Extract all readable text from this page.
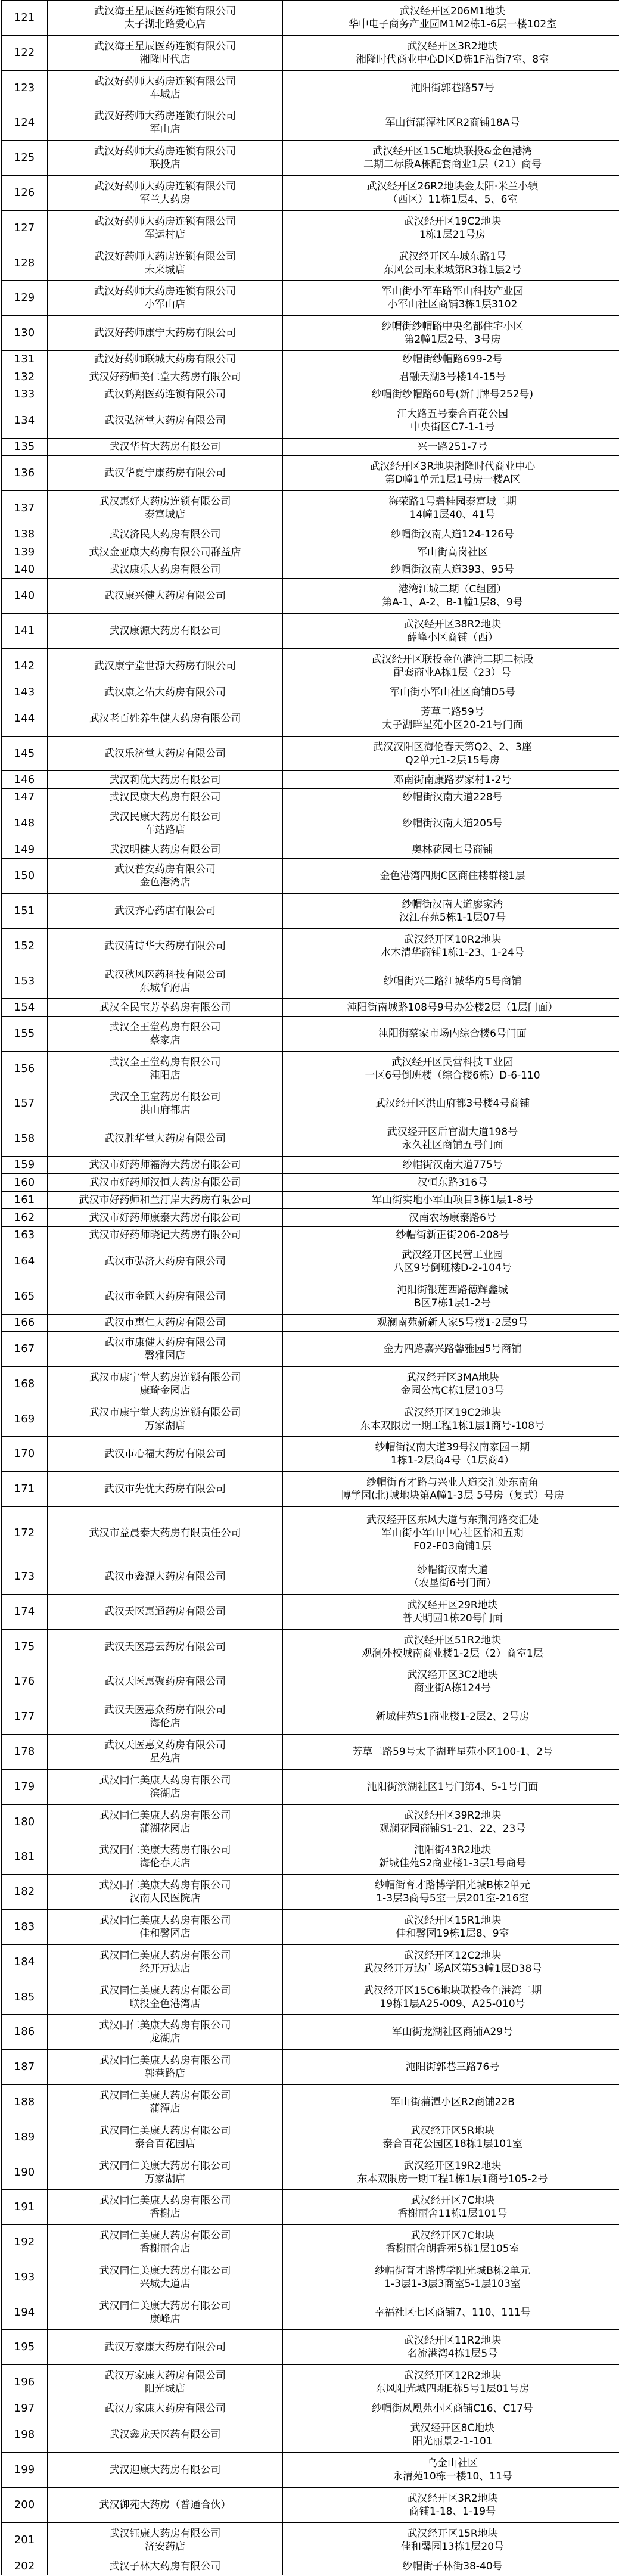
121	武汉海王星辰医药连锁有限公司
太子湖北路爱心店	武汉经开区206M1地块
华中电子商务产业园M1M2栋1-6层一楼102室

122	武汉海王星辰医药连锁有限公司
湘隆时代店	武汉经开区3R2地块
湘隆时代商业中心D区D栋1F沿街7室、8室

123	武汉好药师大药房连锁有限公司
车城店	沌阳街郭巷路57号

124	武汉好药师大药房连锁有限公司
军山店	军山街蒲潭社区R2商铺18A号

125	武汉好药师大药房连锁有限公司
联投店	武汉经开区15C地块联投&金色港湾
二期二标段A栋配套商业1层（21）商号

126	武汉好药师大药房连锁有限公司
军兰大药房	武汉经开区26R2地块金太阳·米兰小镇
（西区）11栋1层4、5、6室

127	武汉好药师大药房连锁有限公司
军运村店	武汉经开区19C2地块
1栋1层21号房

128	武汉好药师大药房连锁有限公司
未来城店	武汉经开区车城东路1号
东风公司未来城第R3栋1层2号

129	武汉好药师大药房连锁有限公司
小军山店	军山街小军车路军山科技产业园
小军山社区商铺3栋1层3102

130	武汉好药师康宁大药房有限公司	纱帽街纱帽路中央名都住宅小区
第2幢1层2号、3号房

131	武汉好药师联城大药房有限公司	纱帽街纱帽路699-2号

132	武汉好药师美仁堂大药房有限公司	君融天湖3号楼14-15号

133	武汉鹤翔医药连锁有限公司	纱帽街纱帽路60号(新门牌号252号)

134	武汉弘济堂大药房有限公司	江大路五号泰合百花公园
中央街区C7-1-1号

135	武汉华哲大药房有限公司	兴一路251-7号

136	武汉华夏宁康药房有限公司	武汉经开区3R地块湘隆时代商业中心
第D幢1单元1层1号房一楼A区

137	武汉惠好大药房连锁有限公司
泰富城店	海荣路1号碧桂园泰富城二期
14幢1层40、41号

138	武汉济民大药房有限公司	纱帽街汉南大道124-126号

139	武汉金亚康大药房有限公司群益店	军山街高岗社区

140	武汉康乐大药房有限公司	纱帽街汉南大道393、95号

140	武汉康兴健大药房有限公司	港湾江城二期（C组团）
第A-1、A-2、B-1幢1层8、9号

141	武汉康源大药房有限公司	武汉经开区38R2地块
薛峰小区商铺（西）

142	武汉康宁堂世源大药房有限公司	武汉经开区联投金色港湾二期二标段
配套商业A栋1层（23）号

143	武汉康之佑大药房有限公司	军山街小军山社区商铺D5号

144	武汉老百姓养生健大药房有限公司	芳草二路59号
太子湖畔星苑小区20-21号门面

145	武汉乐济堂大药房有限公司	武汉汉阳区海伦春天第Q2、2、3座
Q2单元1-2层15号房

146	武汉莉优大药房有限公司	邓南街南康路罗家村1-2号

147	武汉民康大药房有限公司	纱帽街汉南大道228号

148	武汉民康大药房有限公司
车站路店	纱帽街汉南大道205号

149	武汉明健大药房有限公司	奥林花园七号商铺

150	武汉普安药房有限公司
金色港湾店	金色港湾四期C区商住楼群楼1层

151	武汉齐心药店有限公司	纱帽街汉南大道廖家湾
汉江春苑5栋1-1层07号

152	武汉清诗华大药房有限公司	武汉经开区10R2地块
水木清华商铺1栋1-23、1-24号

153	武汉秋风医药科技有限公司
东城华府店	纱帽街兴二路江城华府5号商铺

154	武汉全民宝芳萃药房有限公司	沌阳街南城路108号9号办公楼2层（1层门面）

155	武汉全王堂药房有限公司
蔡家店	沌阳街蔡家市场内综合楼6号门面

156	武汉全王堂药房有限公司
沌阳店	武汉经开区民营科技工业园
一区6号倒班楼（综合楼6栋）D-6-110

157	武汉全王堂药房有限公司
洪山府都店	武汉经开区洪山府都3号楼4号商铺

158	武汉胜华堂大药房有限公司	武汉经开区后官湖大道198号
永久社区商铺五号门面

159	武汉市好药师福海大药房有限公司	纱帽街汉南大道775号

160	武汉市好药师汉恒大药房有限公司	汉恒东路316号

161	武汉市好药师和兰汀岸大药房有限公司	军山街实地小军山项目3栋1层1-8号

162	武汉市好药师康泰大药房有限公司	汉南农场康泰路6号

163	武汉市好药师晓记大药房有限公司	纱帽街新正街206-208号

164	武汉市弘济大药房有限公司	武汉经开区民营工业园
八区9号倒班楼D-2-104号

165	武汉市金匯大药房有限公司	沌阳街银莲西路德辉鑫城
B区7栋1层1-2号

166	武汉市惠仁大药房有限公司	观澜南苑新新人家5号楼1-2层9号

167	武汉市康健大药房有限公司
馨雅园店	金力四路嘉兴路馨雅园5号商铺

168	武汉市康宁堂大药房连锁有限公司
康琦金园店	武汉经开区3MA地块
金园公寓C栋1层103号

169	武汉市康宁堂大药房连锁有限公司
万家湖店	武汉经开区19C2地块
东本双限房一期工程1栋1层1商号-108号

170	武汉市心福大药房有限公司	纱帽街汉南大道39号汉南家园三期
1栋1-2层商4号（1层商4）

171	武汉市先优大药房有限公司	纱帽街育才路与兴业大道交汇处东南角
博学园(北)城地块第A幢1-3层 5号房（复式）号房

172	武汉市益晨泰大药房有限责任公司	武汉经开区东风大道与东荆河路交汇处
军山街小军山中心社区怡和五期
F02-F03商铺1层

173	武汉市鑫源大药房有限公司	纱帽街汉南大道
（农垦街6号门面）

174	武汉天医惠通药房有限公司	武汉经开区29R地块
普天明园1栋20号门面

175	武汉天医惠云药房有限公司	武汉经开区51R2地块
观澜外校城南商业楼1-2层（2）商室1层

176	武汉天医惠聚药房有限公司	武汉经开区3C2地块
商业街A栋124号

177	武汉天医惠众药房有限公司
海伦店	新城佳苑S1商业楼1-2层2、2号房

178	武汉天医惠义药房有限公司
星苑店	芳草二路59号太子湖畔星苑小区100-1、2号

179	武汉同仁美康大药房有限公司
滨湖店	沌阳街滨湖社区1号门第4、5-1号门面

180	武汉同仁美康大药房有限公司
蒲湖花园店	武汉经开区39R2地块
观澜花园商铺S1-21、22、23号

181	武汉同仁美康大药房有限公司
海伦春天店	沌阳街43R2地块
新城佳苑S2商业楼1-3层1号商号

182	武汉同仁美康大药房有限公司
汉南人民医院店	纱帽街育才路博学阳光城B栋2单元
1-3层3商号5室一层201室-216室

183	武汉同仁美康大药房有限公司
佳和馨园店	武汉经开区15R1地块
佳和馨园19栋1层8、9室

184	武汉同仁美康大药房有限公司
经开万达店	武汉经开区12C2地块
武汉经开万达广场A区第53幢1层D38号

185	武汉同仁美康大药房有限公司
联投金色港湾店	武汉经开区15C6地块联投金色港湾二期
19栋1层A25-009、A25-010号

186	武汉同仁美康大药房有限公司
龙湖店	军山街龙湖社区商铺A29号

187	武汉同仁美康大药房有限公司
郭巷路店	沌阳街郭巷三路76号

188	武汉同仁美康大药房有限公司
蒲潭店	军山街蒲潭小区R2商铺22B

189	武汉同仁美康大药房有限公司
泰合百花园店	武汉经开区5R地块
泰合百花公园区18栋1层101室

190	武汉同仁美康大药房有限公司
万家湖店	武汉经开区19R2地块
东本双限房一期工程1栋1层1商号105-2号

191	武汉同仁美康大药房有限公司
香榭店	武汉经开区7C地块
香榭丽舍11栋1层101号

192	武汉同仁美康大药房有限公司
香榭丽舍店	武汉经开区7C地块
香榭丽舍朗香苑5栋1层105室

193	武汉同仁美康大药房有限公司
兴城大道店	纱帽街育才路博学阳光城B栋2单元
1-3层1-3层3商室5-1层103室

194	武汉同仁美康大药房有限公司
康峰店	幸福社区七区商铺7、110、111号

195	武汉万家康大药房有限公司	武汉经开区11R2地块
名流港湾4栋1层5号

196	武汉万家康大药房有限公司
阳光城店	武汉经开区12R2地块
东风阳光城四期E栋5号1层01号房

197	武汉万家康大药房有限公司	纱帽街凤凰苑小区商铺C16、C17号

198	武汉鑫龙天医药有限公司	武汉经开区8C地块
阳光丽景2-1-101

199	武汉迎康大药房有限公司	乌金山社区
永清苑10栋一楼10、11号

200	武汉御苑大药房（普通合伙）	武汉经开区3R2地块
商铺1-18、1-19号

201	武汉钰康大药房有限公司
济安药店	武汉经开区15R地块
佳和馨园13栋1层20号

202	武汉子林大药房有限公司	纱帽街子林街38-40号
